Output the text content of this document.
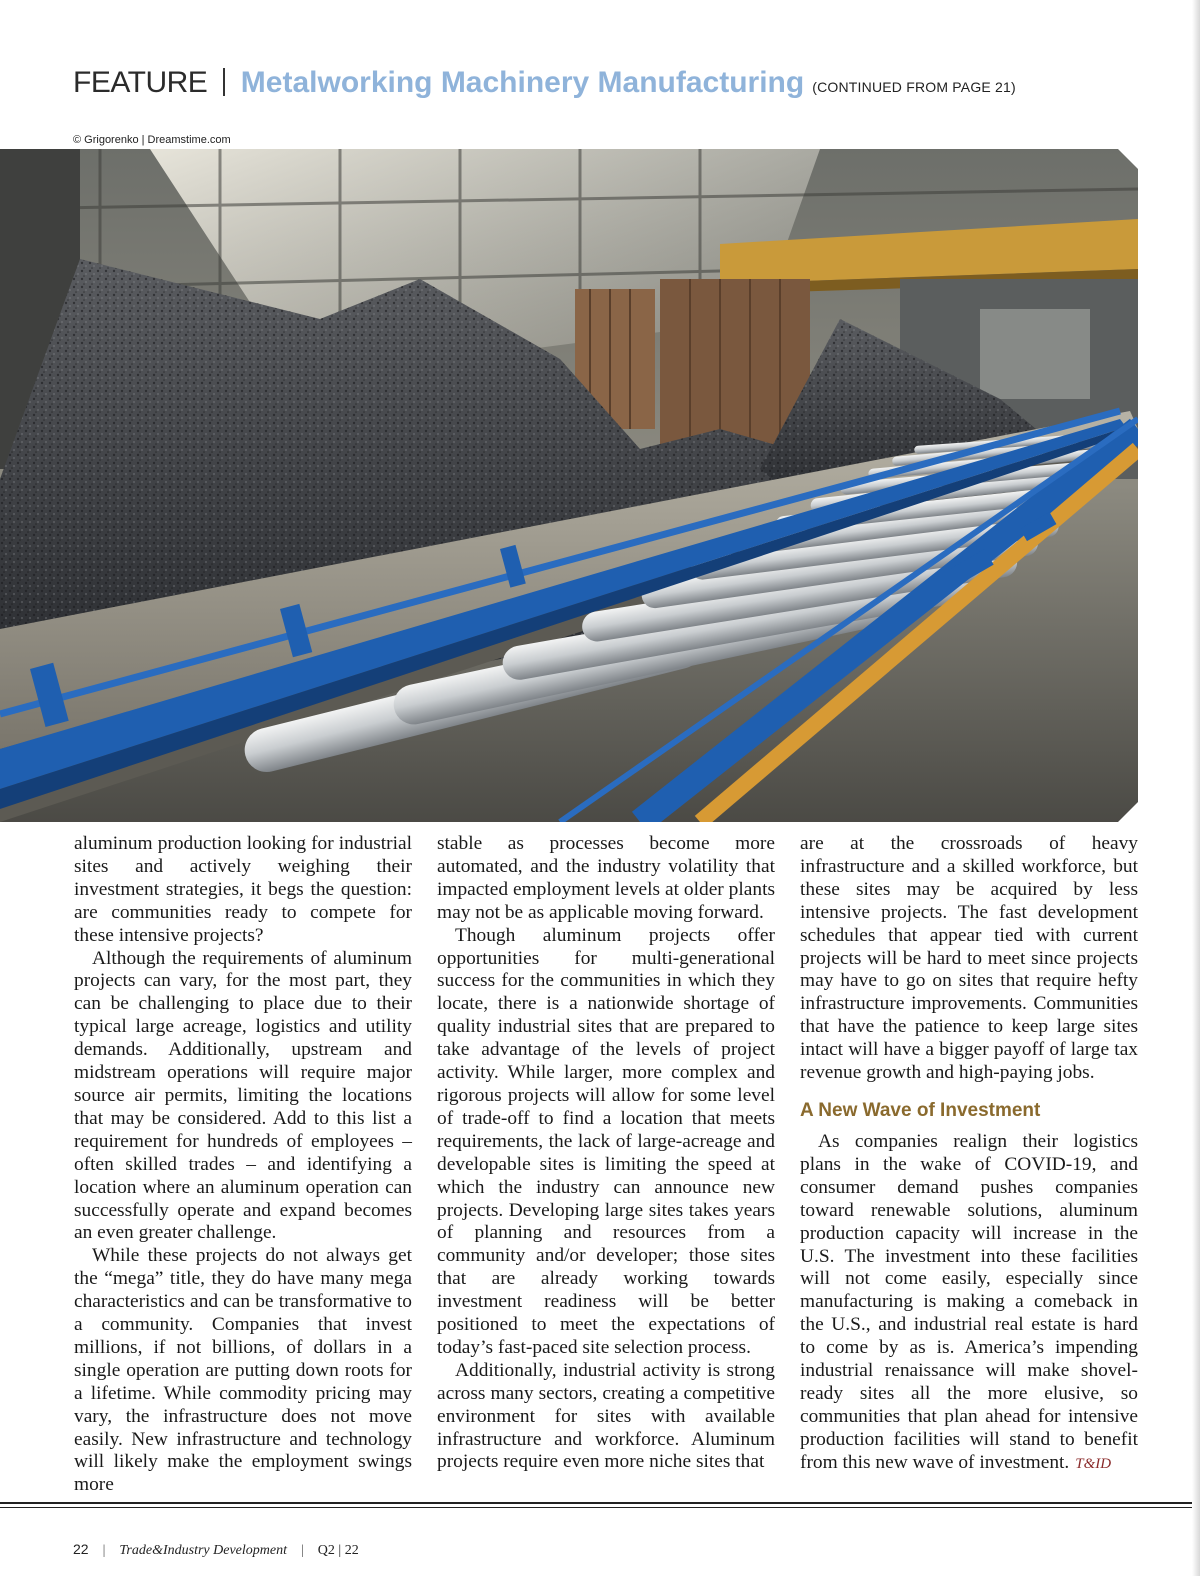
FEATURE Metalworking Machinery Manufacturing (CONTINUED FROM PAGE 21)
© Grigorenko | Dreamstime.com

aluminum production looking for industrial sites and actively weighing their investment strategies, it begs the question: are communities ready to compete for these intensive projects?

Although the requirements of aluminum projects can vary, for the most part, they can be challenging to place due to their typical large acreage, logistics and utility demands. Additionally, upstream and midstream operations will require major source air permits, limiting the locations that may be considered. Add to this list a requirement for hundreds of employees – often skilled trades – and identifying a location where an aluminum operation can successfully operate and expand becomes an even greater challenge.

While these projects do not always get the “mega” title, they do have many mega characteristics and can be transformative to a community. Companies that invest millions, if not billions, of dollars in a single operation are putting down roots for a lifetime. While commodity pricing may vary, the infrastructure does not move easily. New infrastructure and technology will likely make the employment swings more

stable as processes become more automated, and the industry volatility that impacted employment levels at older plants may not be as applicable moving forward.

Though aluminum projects offer opportunities for multi-generational success for the communities in which they locate, there is a nationwide shortage of quality industrial sites that are prepared to take advantage of the levels of project activity. While larger, more complex and rigorous projects will allow for some level of trade-off to find a location that meets requirements, the lack of large-acreage and developable sites is limiting the speed at which the industry can announce new projects. Developing large sites takes years of planning and resources from a community and/or developer; those sites that are already working towards investment readiness will be better positioned to meet the expectations of today’s fast-paced site selection process.

Additionally, industrial activity is strong across many sectors, creating a competitive environment for sites with available infrastructure and workforce. Aluminum projects require even more niche sites that

are at the crossroads of heavy infrastructure and a skilled workforce, but these sites may be acquired by less intensive projects. The fast development schedules that appear tied with current projects will be hard to meet since projects may have to go on sites that require hefty infrastructure improvements. Communities that have the patience to keep large sites intact will have a bigger payoff of large tax revenue growth and high-paying jobs.

A New Wave of Investment

As companies realign their logistics plans in the wake of COVID-19, and consumer demand pushes companies toward renewable solutions, aluminum production capacity will increase in the U.S. The investment into these facilities will not come easily, especially since manufacturing is making a comeback in the U.S., and industrial real estate is hard to come by as is. America’s impending industrial renaissance will make shovel-ready sites all the more elusive, so communities that plan ahead for intensive production facilities will stand to benefit from this new wave of investment. T&ID

22 | Trade&Industry Development | Q2 | 22
